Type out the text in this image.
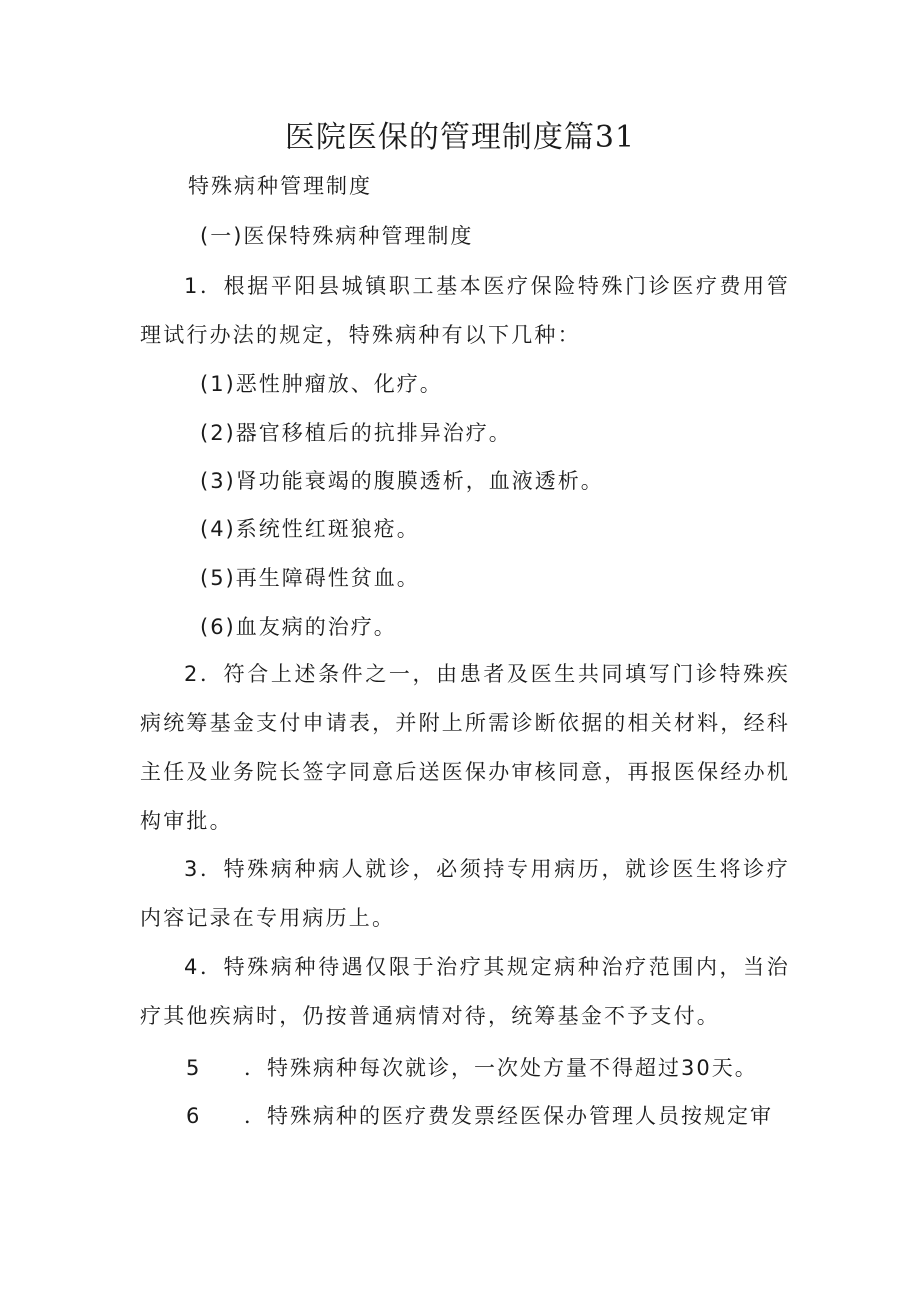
医院医保的管理制度篇31
特殊病种管理制度
(一)医保特殊病种管理制度
1．根据平阳县城镇职工基本医疗保险特殊门诊医疗费用管理试行办法的规定，特殊病种有以下几种：
(1)恶性肿瘤放、化疗。
(2)器官移植后的抗排异治疗。
(3)肾功能衰竭的腹膜透析，血液透析。
(4)系统性红斑狼疮。
(5)再生障碍性贫血。
(6)血友病的治疗。
2．符合上述条件之一，由患者及医生共同填写门诊特殊疾病统筹基金支付申请表，并附上所需诊断依据的相关材料，经科主任及业务院长签字同意后送医保办审核同意，再报医保经办机构审批。
3．特殊病种病人就诊，必须持专用病历，就诊医生将诊疗内容记录在专用病历上。
4．特殊病种待遇仅限于治疗其规定病种治疗范围内，当治疗其他疾病时，仍按普通病情对待，统筹基金不予支付。
5 ．特殊病种每次就诊，一次处方量不得超过30天。
6 ．特殊病种的医疗费发票经医保办管理人员按规定审
